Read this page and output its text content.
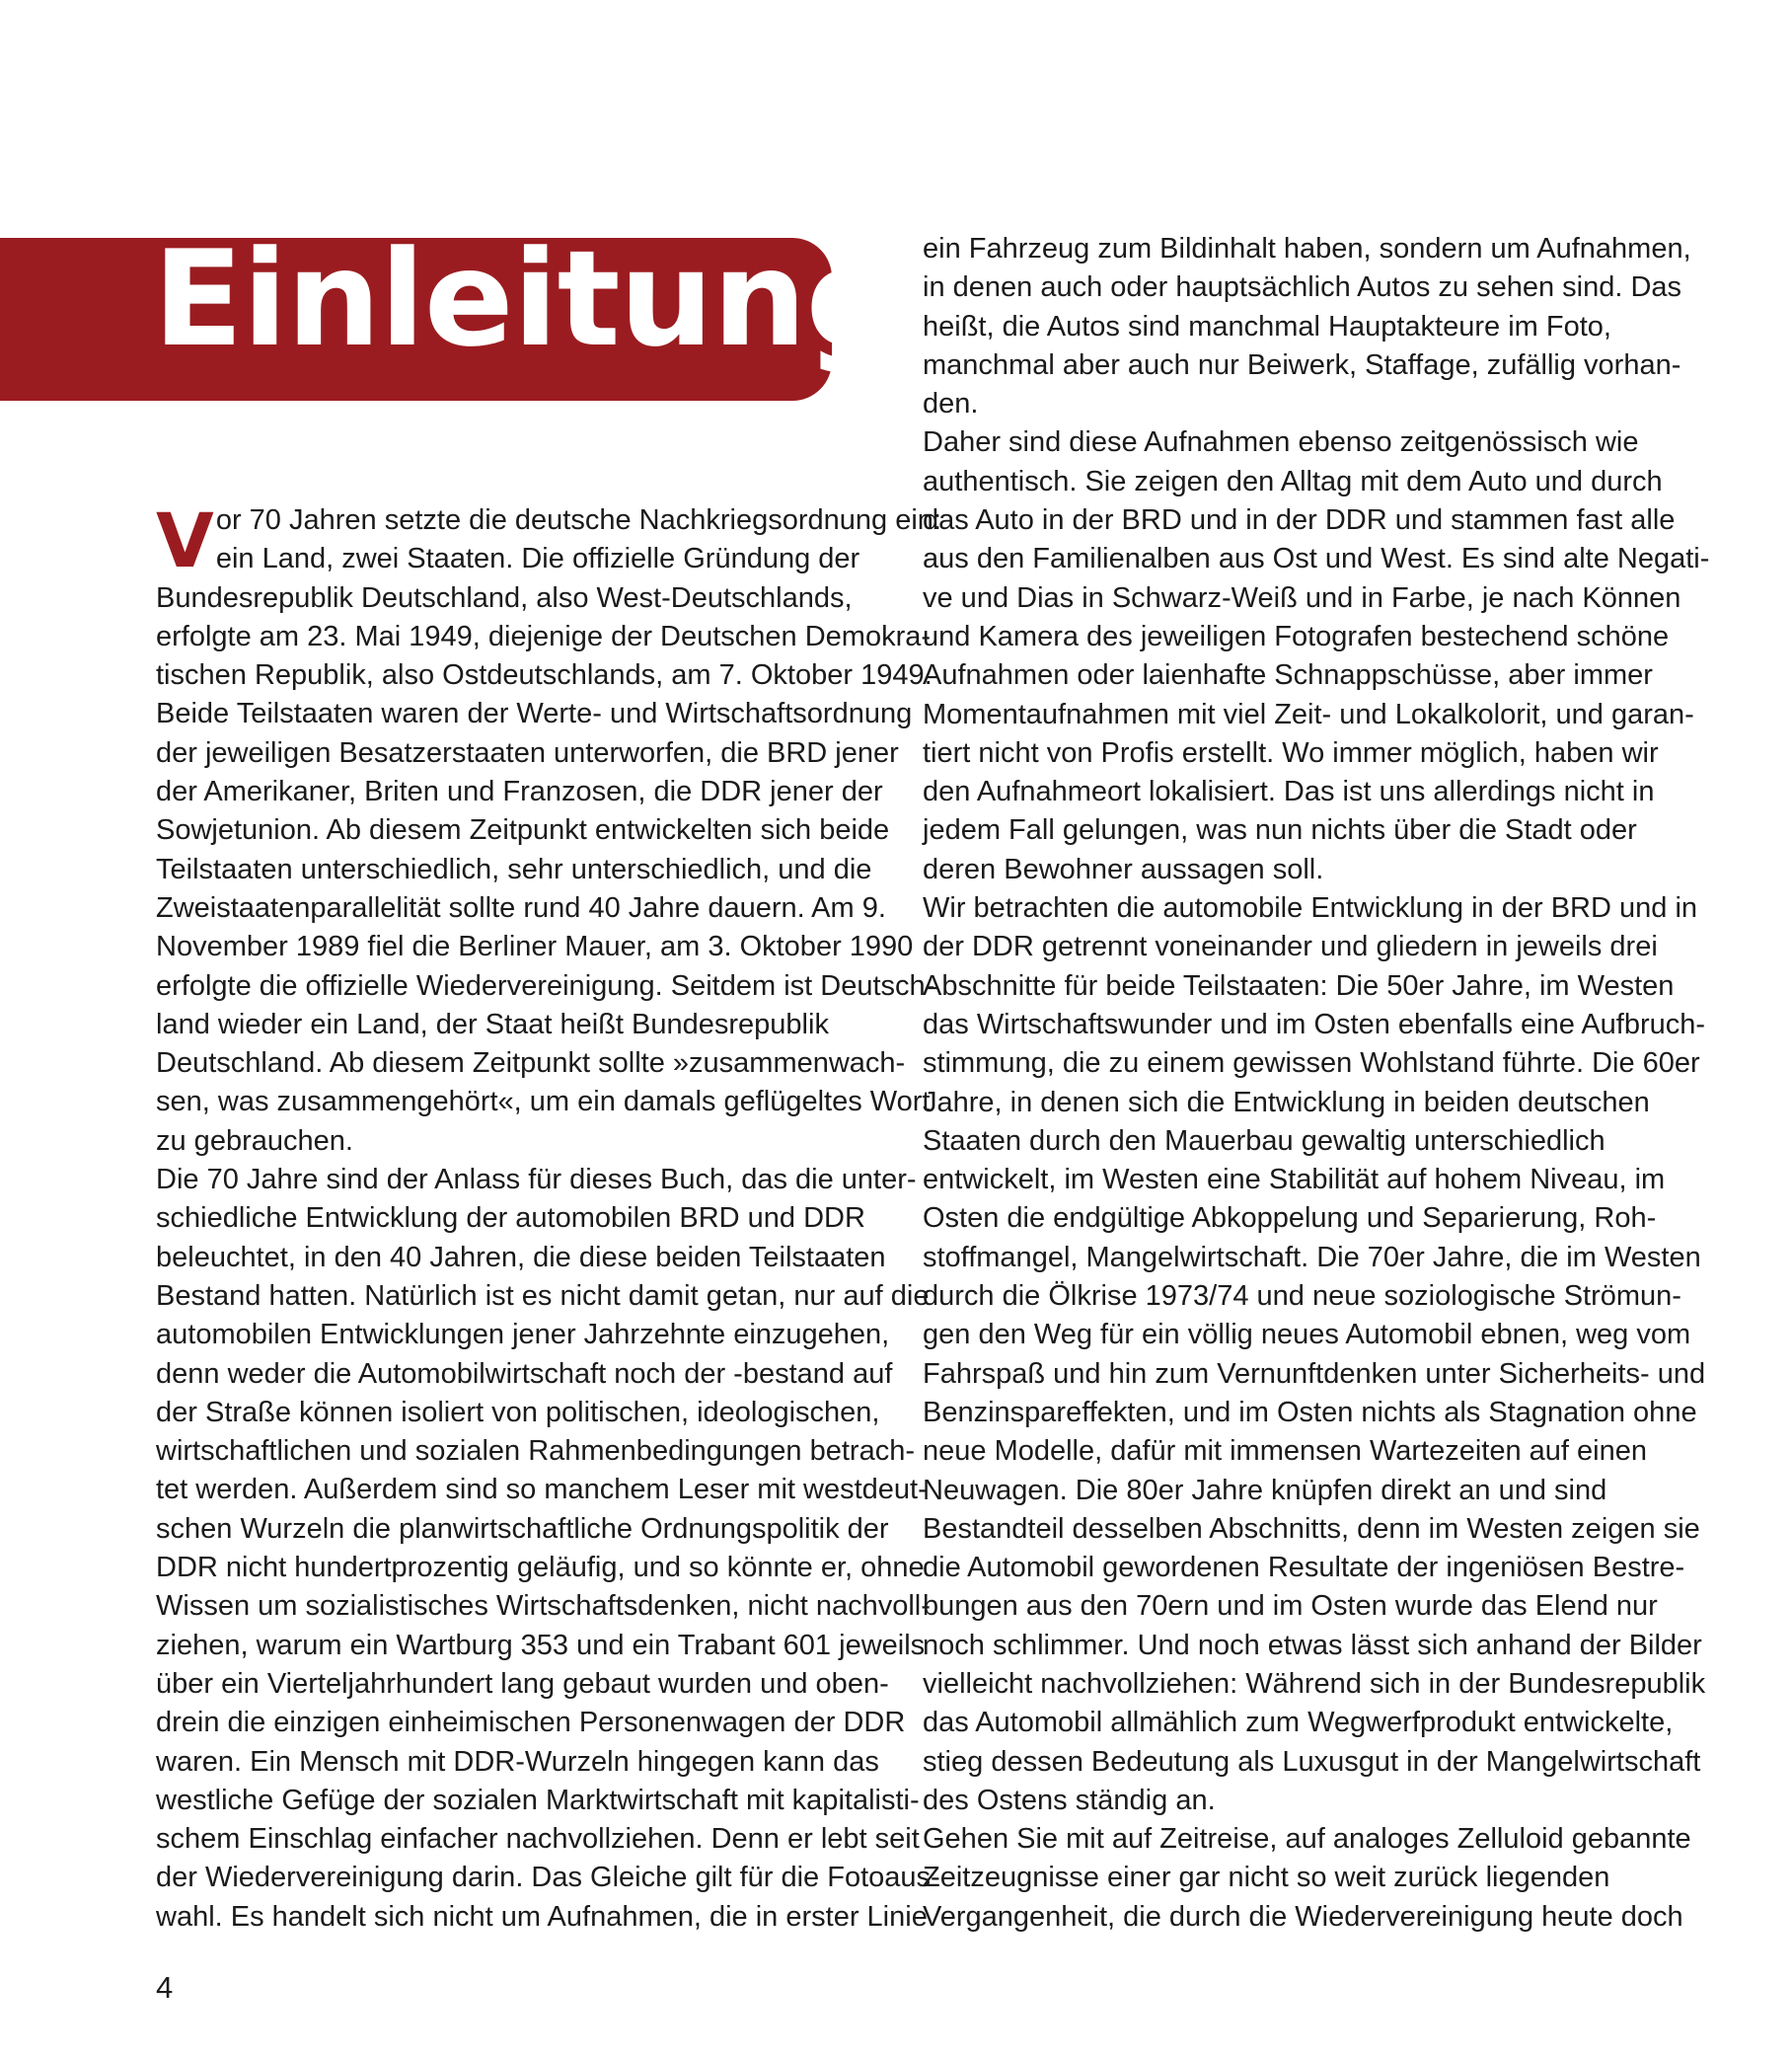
Einleitung
V or 70 Jahren setzte die deutsche Nachkriegsordnung ein:

ein Land, zwei Staaten. Die offizielle Gründung der

Bundesrepublik Deutschland, also West-Deutschlands,

erfolgte am 23. Mai 1949, diejenige der Deutschen Demokra-

tischen Republik, also Ostdeutschlands, am 7. Oktober 1949.

Beide Teilstaaten waren der Werte- und Wirtschaftsordnung

der jeweiligen Besatzerstaaten unterworfen, die BRD jener

der Amerikaner, Briten und Franzosen, die DDR jener der

Sowjetunion. Ab diesem Zeitpunkt entwickelten sich beide

Teilstaaten unterschiedlich, sehr unterschiedlich, und die

Zweistaatenparallelität sollte rund 40 Jahre dauern. Am 9.

November 1989 fiel die Berliner Mauer, am 3. Oktober 1990

erfolgte die offizielle Wiedervereinigung. Seitdem ist Deutsch-

land wieder ein Land, der Staat heißt Bundesrepublik

Deutschland. Ab diesem Zeitpunkt sollte »zusammenwach-

sen, was zusammengehört«, um ein damals geflügeltes Wort

zu gebrauchen.

Die 70 Jahre sind der Anlass für dieses Buch, das die unter-

schiedliche Entwicklung der automobilen BRD und DDR

beleuchtet, in den 40 Jahren, die diese beiden Teilstaaten

Bestand hatten. Natürlich ist es nicht damit getan, nur auf die

automobilen Entwicklungen jener Jahrzehnte einzugehen,

denn weder die Automobilwirtschaft noch der -bestand auf

der Straße können isoliert von politischen, ideologischen,

wirtschaftlichen und sozialen Rahmenbedingungen betrach-

tet werden. Außerdem sind so manchem Leser mit westdeut-

schen Wurzeln die planwirtschaftliche Ordnungspolitik der

DDR nicht hundertprozentig geläufig, und so könnte er, ohne

Wissen um sozialistisches Wirtschaftsdenken, nicht nachvoll-

ziehen, warum ein Wartburg 353 und ein Trabant 601 jeweils

über ein Vierteljahrhundert lang gebaut wurden und oben-

drein die einzigen einheimischen Personenwagen der DDR

waren. Ein Mensch mit DDR-Wurzeln hingegen kann das

westliche Gefüge der sozialen Marktwirtschaft mit kapitalisti-

schem Einschlag einfacher nachvollziehen. Denn er lebt seit

der Wiedervereinigung darin. Das Gleiche gilt für die Fotoaus-

wahl. Es handelt sich nicht um Aufnahmen, die in erster Linie

ein Fahrzeug zum Bildinhalt haben, sondern um Aufnahmen,

in denen auch oder hauptsächlich Autos zu sehen sind. Das

heißt, die Autos sind manchmal Hauptakteure im Foto,

manchmal aber auch nur Beiwerk, Staffage, zufällig vorhan-

den.

Daher sind diese Aufnahmen ebenso zeitgenössisch wie

authentisch. Sie zeigen den Alltag mit dem Auto und durch

das Auto in der BRD und in der DDR und stammen fast alle

aus den Familienalben aus Ost und West. Es sind alte Negati-

ve und Dias in Schwarz-Weiß und in Farbe, je nach Können

und Kamera des jeweiligen Fotografen bestechend schöne

Aufnahmen oder laienhafte Schnappschüsse, aber immer

Momentaufnahmen mit viel Zeit- und Lokalkolorit, und garan-

tiert nicht von Profis erstellt. Wo immer möglich, haben wir

den Aufnahmeort lokalisiert. Das ist uns allerdings nicht in

jedem Fall gelungen, was nun nichts über die Stadt oder

deren Bewohner aussagen soll.

Wir betrachten die automobile Entwicklung in der BRD und in

der DDR getrennt voneinander und gliedern in jeweils drei

Abschnitte für beide Teilstaaten: Die 50er Jahre, im Westen

das Wirtschaftswunder und im Osten ebenfalls eine Aufbruch-

stimmung, die zu einem gewissen Wohlstand führte. Die 60er

Jahre, in denen sich die Entwicklung in beiden deutschen

Staaten durch den Mauerbau gewaltig unterschiedlich

entwickelt, im Westen eine Stabilität auf hohem Niveau, im

Osten die endgültige Abkoppelung und Separierung, Roh-

stoffmangel, Mangelwirtschaft. Die 70er Jahre, die im Westen

durch die Ölkrise 1973/74 und neue soziologische Strömun-

gen den Weg für ein völlig neues Automobil ebnen, weg vom

Fahrspaß und hin zum Vernunftdenken unter Sicherheits- und

Benzinspareffekten, und im Osten nichts als Stagnation ohne

neue Modelle, dafür mit immensen Wartezeiten auf einen

Neuwagen. Die 80er Jahre knüpfen direkt an und sind

Bestandteil desselben Abschnitts, denn im Westen zeigen sie

die Automobil gewordenen Resultate der ingeniösen Bestre-

bungen aus den 70ern und im Osten wurde das Elend nur

noch schlimmer. Und noch etwas lässt sich anhand der Bilder

vielleicht nachvollziehen: Während sich in der Bundesrepublik

das Automobil allmählich zum Wegwerfprodukt entwickelte,

stieg dessen Bedeutung als Luxusgut in der Mangelwirtschaft

des Ostens ständig an.

Gehen Sie mit auf Zeitreise, auf analoges Zelluloid gebannte

Zeitzeugnisse einer gar nicht so weit zurück liegenden

Vergangenheit, die durch die Wiedervereinigung heute doch

4
